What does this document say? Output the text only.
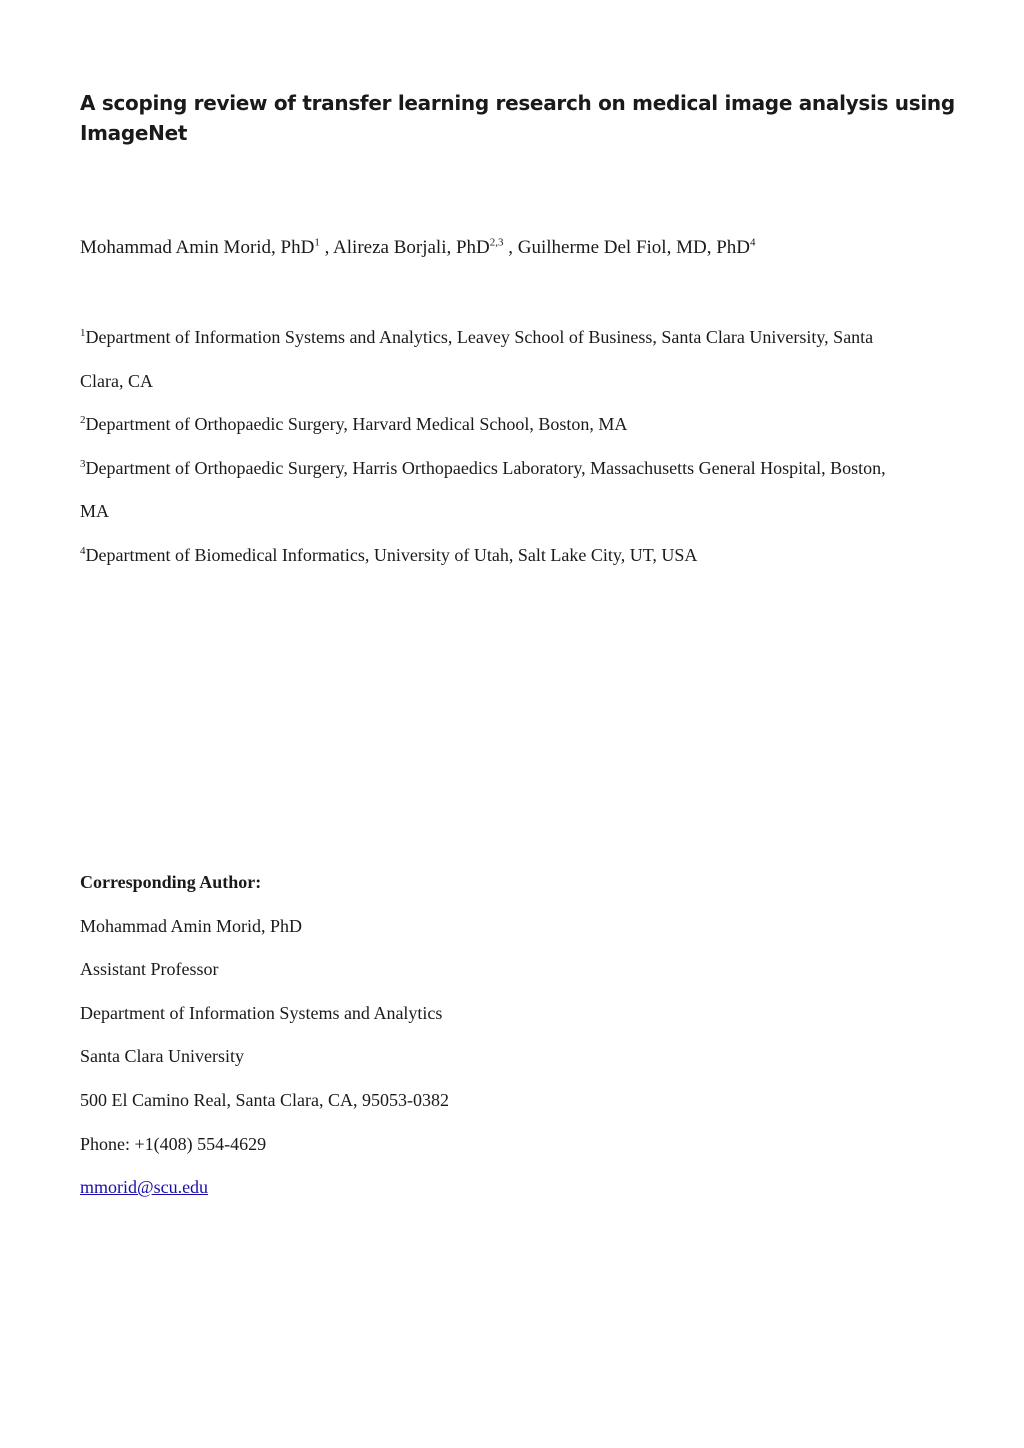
A scoping review of transfer learning research on medical image analysis using ImageNet

Mohammad Amin Morid, PhD$^1$ , Alireza Borjali, PhD$^{2,3}$ , Guilherme Del Fiol, MD, PhD$^4$

$^1$Department of Information Systems and Analytics, Leavey School of Business, Santa Clara University, Santa

Clara, CA

$^2$Department of Orthopaedic Surgery, Harvard Medical School, Boston, MA

$^3$Department of Orthopaedic Surgery, Harris Orthopaedics Laboratory, Massachusetts General Hospital, Boston,

MA

$^4$Department of Biomedical Informatics, University of Utah, Salt Lake City, UT, USA

Corresponding Author:

Mohammad Amin Morid, PhD

Assistant Professor

Department of Information Systems and Analytics

Santa Clara University

500 El Camino Real, Santa Clara, CA, 95053-0382

Phone: +1(408) 554-4629

mmorid@scu.edu
